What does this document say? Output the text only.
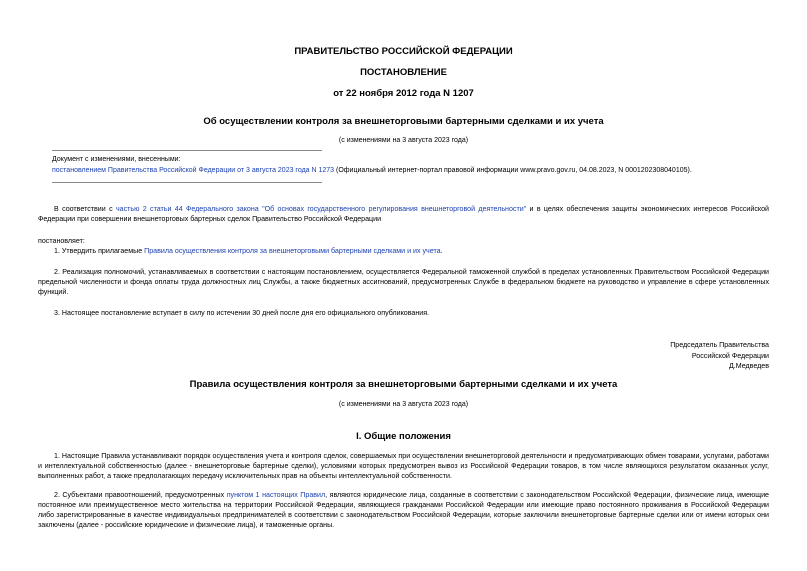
ПРАВИТЕЛЬСТВО РОССИЙСКОЙ ФЕДЕРАЦИИ
ПОСТАНОВЛЕНИЕ
от 22 ноября 2012 года N 1207
Об осуществлении контроля за внешнеторговыми бартерными сделками и их учета
(с изменениями на 3 августа 2023 года)
Документ с изменениями, внесенными:
постановлением Правительства Российской Федерации от 3 августа 2023 года N 1273 (Официальный интернет-портал правовой информации www.pravo.gov.ru, 04.08.2023, N 0001202308040105).
В соответствии с частью 2 статьи 44 Федерального закона "Об основах государственного регулирования внешнеторговой деятельности" и в целях обеспечения защиты экономических интересов Российской Федерации при совершении внешнеторговых бартерных сделок Правительство Российской Федерации
постановляет:
1. Утвердить прилагаемые Правила осуществления контроля за внешнеторговыми бартерными сделками и их учета.
2. Реализация полномочий, устанавливаемых в соответствии с настоящим постановлением, осуществляется Федеральной таможенной службой в пределах установленных Правительством Российской Федерации предельной численности и фонда оплаты труда должностных лиц Службы, а также бюджетных ассигнований, предусмотренных Службе в федеральном бюджете на руководство и управление в сфере установленных функций.
3. Настоящее постановление вступает в силу по истечении 30 дней после дня его официального опубликования.
Председатель Правительства
Российской Федерации
Д.Медведев
Правила осуществления контроля за внешнеторговыми бартерными сделками и их учета
(с изменениями на 3 августа 2023 года)
I. Общие положения
1. Настоящие Правила устанавливают порядок осуществления учета и контроля сделок, совершаемых при осуществлении внешнеторговой деятельности и предусматривающих обмен товарами, услугами, работами и интеллектуальной собственностью (далее - внешнеторговые бартерные сделки), условиями которых предусмотрен вывоз из Российской Федерации товаров, в том числе являющихся результатом оказанных услуг, выполненных работ, а также предполагающих передачу исключительных прав на объекты интеллектуальной собственности.
2. Субъектами правоотношений, предусмотренных пунктом 1 настоящих Правил, являются юридические лица, созданные в соответствии с законодательством Российской Федерации, физические лица, имеющие постоянное или преимущественное место жительства на территории Российской Федерации, являющиеся гражданами Российской Федерации или имеющие право постоянного проживания в Российской Федерации либо зарегистрированные в качестве индивидуальных предпринимателей в соответствии с законодательством Российской Федерации, которые заключили внешнеторговые бартерные сделки или от имени которых они заключены (далее - российские юридические и физические лица), и таможенные органы.
